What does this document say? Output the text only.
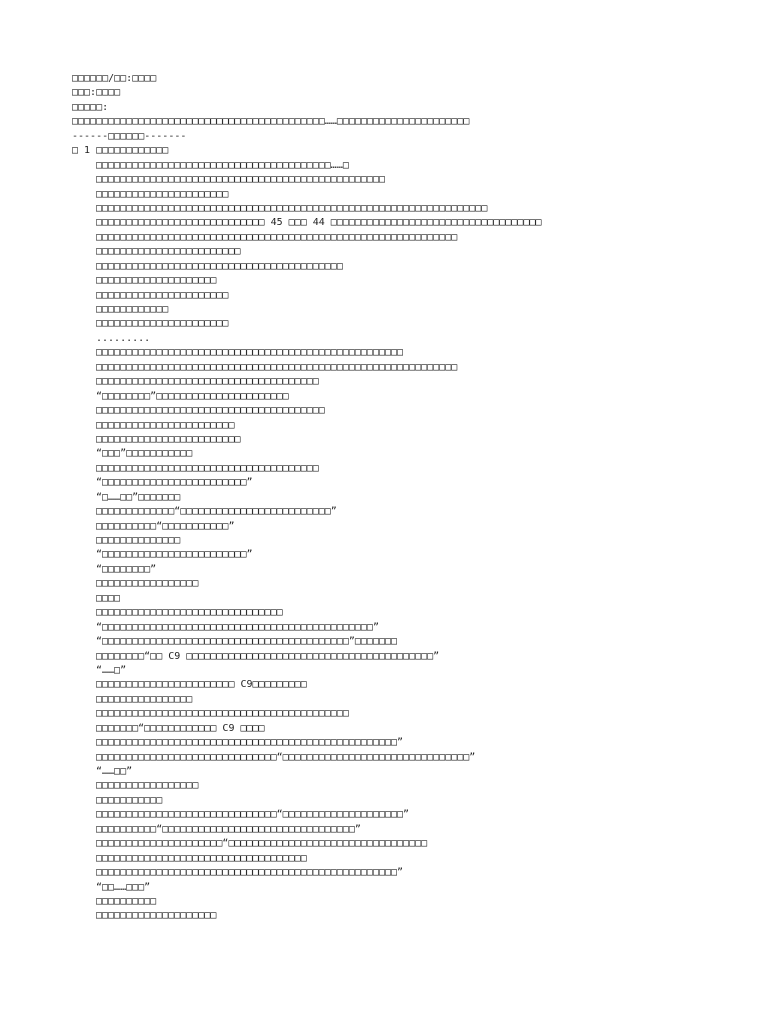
□□□□□□/□□:□□□□
□□□:□□□□
□□□□□:
□□□□□□□□□□□□□□□□□□□□□□□□□□□□□□□□□□□□□□□□□□……□□□□□□□□□□□□□□□□□□□□□□
------□□□□□□-------
□ 1 □□□□□□□□□□□□
□□□□□□□□□□□□□□□□□□□□□□□□□□□□□□□□□□□□□□□……□
□□□□□□□□□□□□□□□□□□□□□□□□□□□□□□□□□□□□□□□□□□□□□□□□
□□□□□□□□□□□□□□□□□□□□□□
□□□□□□□□□□□□□□□□□□□□□□□□□□□□□□□□□□□□□□□□□□□□□□□□□□□□□□□□□□□□□□□□□
□□□□□□□□□□□□□□□□□□□□□□□□□□□□ 45 □□□ 44 □□□□□□□□□□□□□□□□□□□□□□□□□□□□□□□□□□□
□□□□□□□□□□□□□□□□□□□□□□□□□□□□□□□□□□□□□□□□□□□□□□□□□□□□□□□□□□□□
□□□□□□□□□□□□□□□□□□□□□□□□
□□□□□□□□□□□□□□□□□□□□□□□□□□□□□□□□□□□□□□□□□
□□□□□□□□□□□□□□□□□□□□
□□□□□□□□□□□□□□□□□□□□□□
□□□□□□□□□□□□
□□□□□□□□□□□□□□□□□□□□□□
.........
□□□□□□□□□□□□□□□□□□□□□□□□□□□□□□□□□□□□□□□□□□□□□□□□□□□
□□□□□□□□□□□□□□□□□□□□□□□□□□□□□□□□□□□□□□□□□□□□□□□□□□□□□□□□□□□□
□□□□□□□□□□□□□□□□□□□□□□□□□□□□□□□□□□□□□
“□□□□□□□□”□□□□□□□□□□□□□□□□□□□□□□
□□□□□□□□□□□□□□□□□□□□□□□□□□□□□□□□□□□□□□
□□□□□□□□□□□□□□□□□□□□□□□
□□□□□□□□□□□□□□□□□□□□□□□□
“□□□”□□□□□□□□□□□
□□□□□□□□□□□□□□□□□□□□□□□□□□□□□□□□□□□□□
“□□□□□□□□□□□□□□□□□□□□□□□□”
“□……□□”□□□□□□□
□□□□□□□□□□□□□“□□□□□□□□□□□□□□□□□□□□□□□□□”
□□□□□□□□□□“□□□□□□□□□□□”
□□□□□□□□□□□□□□
“□□□□□□□□□□□□□□□□□□□□□□□□”
“□□□□□□□□”
□□□□□□□□□□□□□□□□□
□□□□
□□□□□□□□□□□□□□□□□□□□□□□□□□□□□□□
“□□□□□□□□□□□□□□□□□□□□□□□□□□□□□□□□□□□□□□□□□□□□□”
“□□□□□□□□□□□□□□□□□□□□□□□□□□□□□□□□□□□□□□□□□”□□□□□□□
□□□□□□□□“□□ C9 □□□□□□□□□□□□□□□□□□□□□□□□□□□□□□□□□□□□□□□□□”
“……□”
□□□□□□□□□□□□□□□□□□□□□□□ C9□□□□□□□□□
□□□□□□□□□□□□□□□□
□□□□□□□□□□□□□□□□□□□□□□□□□□□□□□□□□□□□□□□□□□
□□□□□□□“□□□□□□□□□□□□ C9 □□□□
□□□□□□□□□□□□□□□□□□□□□□□□□□□□□□□□□□□□□□□□□□□□□□□□□□”
□□□□□□□□□□□□□□□□□□□□□□□□□□□□□□“□□□□□□□□□□□□□□□□□□□□□□□□□□□□□□□”
“……□□”
□□□□□□□□□□□□□□□□□
□□□□□□□□□□□
□□□□□□□□□□□□□□□□□□□□□□□□□□□□□□“□□□□□□□□□□□□□□□□□□□□”
□□□□□□□□□□“□□□□□□□□□□□□□□□□□□□□□□□□□□□□□□□□”
□□□□□□□□□□□□□□□□□□□□□“□□□□□□□□□□□□□□□□□□□□□□□□□□□□□□□□□
□□□□□□□□□□□□□□□□□□□□□□□□□□□□□□□□□□□
□□□□□□□□□□□□□□□□□□□□□□□□□□□□□□□□□□□□□□□□□□□□□□□□□□”
“□□……□□□”
□□□□□□□□□□
□□□□□□□□□□□□□□□□□□□□
